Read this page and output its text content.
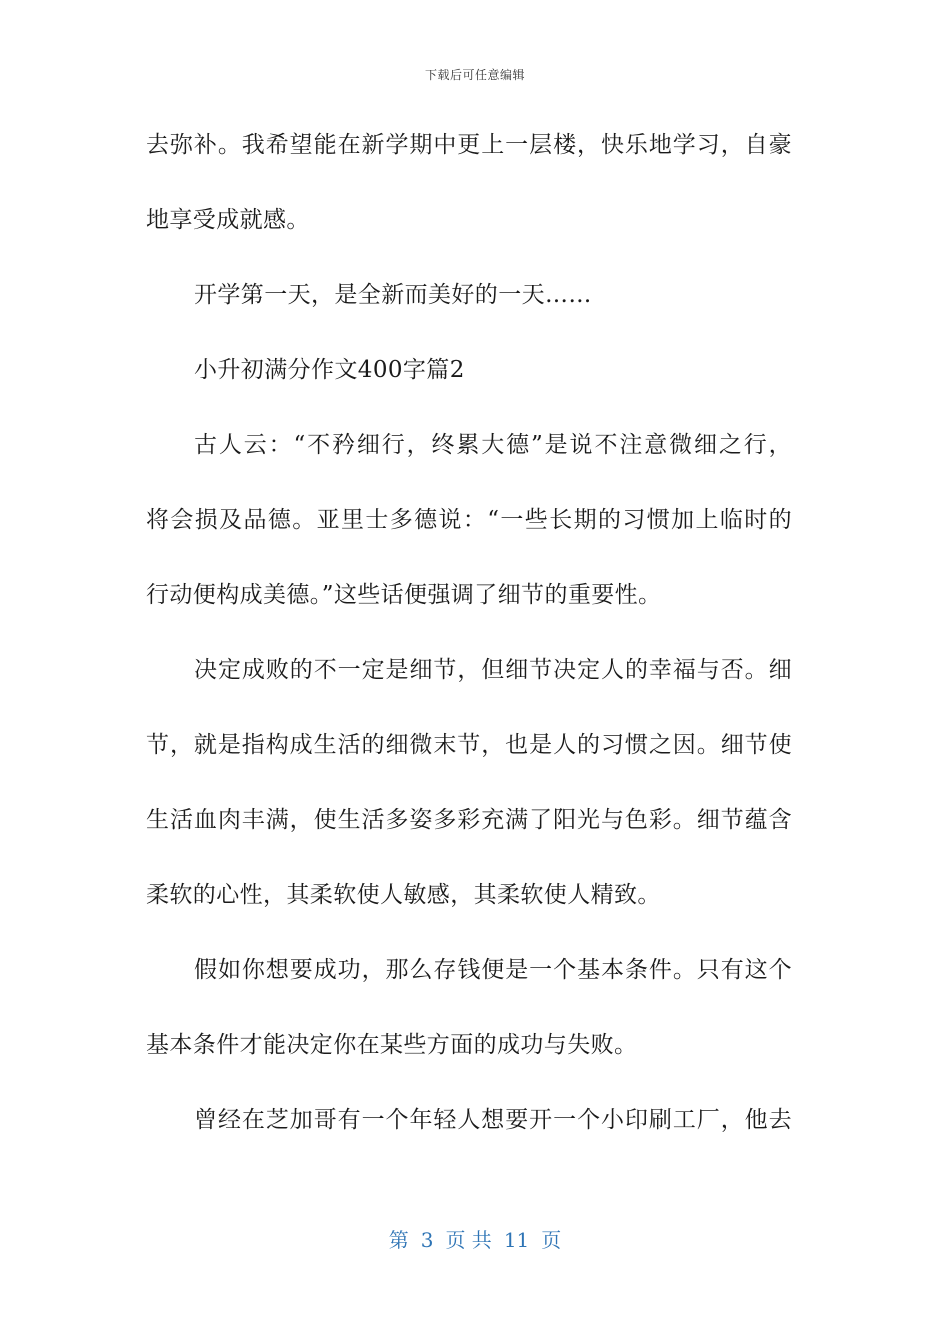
下载后可任意编辑
去弥补。我希望能在新学期中更上一层楼，快乐地学习，自豪
地享受成就感。
开学第一天，是全新而美好的一天……
小升初满分作文400字篇2
古人云：“不矜细行，终累大德”是说不注意微细之行，
将会损及品德。亚里士多德说：“一些长期的习惯加上临时的
行动便构成美德。”这些话便强调了细节的重要性。
决定成败的不一定是细节，但细节决定人的幸福与否。细
节，就是指构成生活的细微末节，也是人的习惯之因。细节使
生活血肉丰满，使生活多姿多彩充满了阳光与色彩。细节蕴含
柔软的心性，其柔软使人敏感，其柔软使人精致。
假如你想要成功，那么存钱便是一个基本条件。只有这个
基本条件才能决定你在某些方面的成功与失败。
曾经在芝加哥有一个年轻人想要开一个小印刷工厂，他去
第 3 页 共 11 页
